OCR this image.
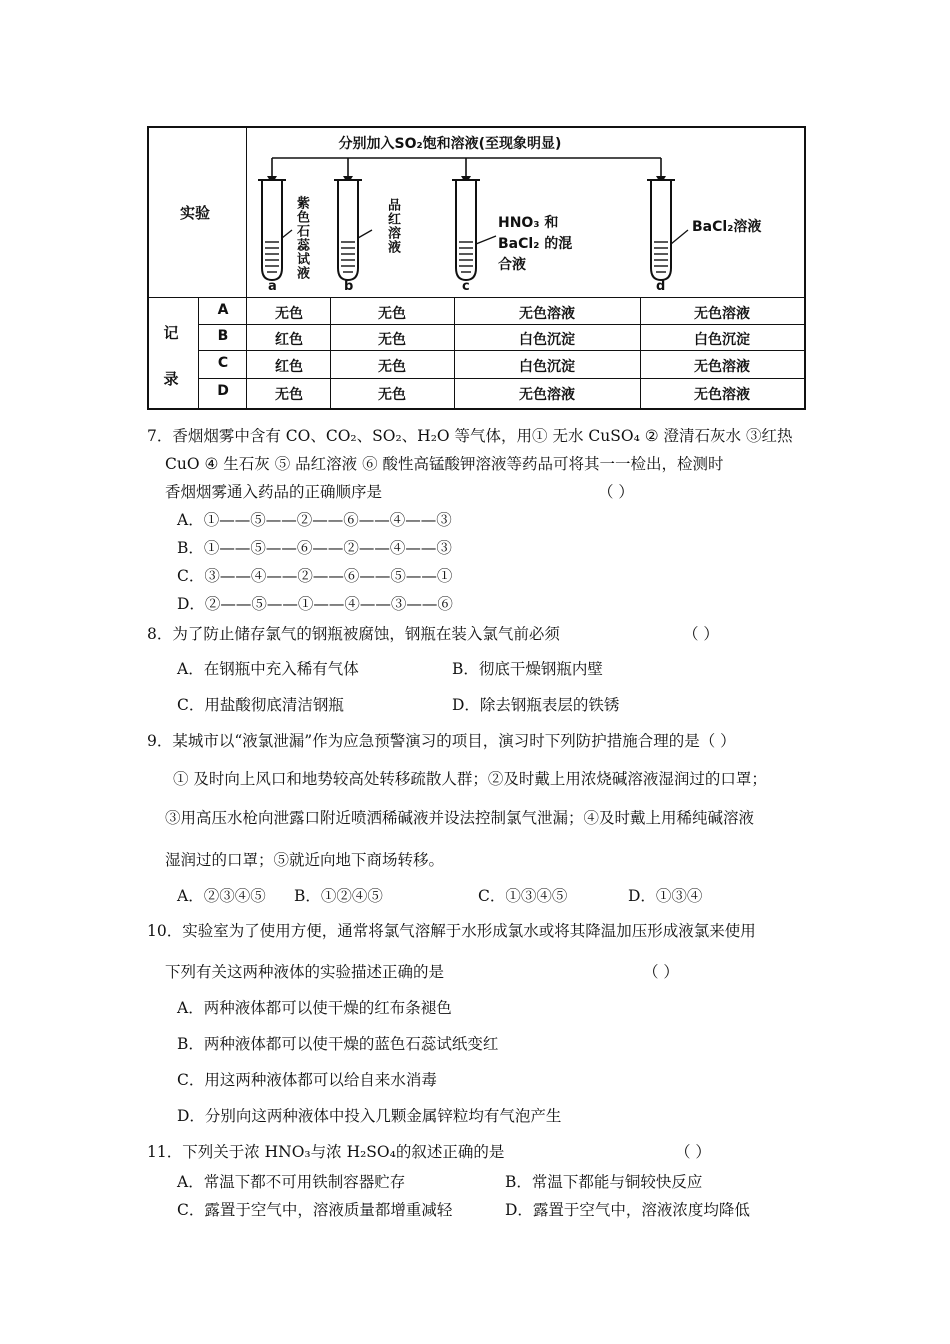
实验
记
录
分别加入SO₂饱和溶液(至现象明显)
紫色石蕊试液	品红溶液	HNO₃ 和
BaCl₂ 的混
合液
BaCl₂溶液
a	b	c	d
A	无色	无色	无色溶液	无色溶液
B	红色	无色	白色沉淀	白色沉淀
C	红色	无色	白色沉淀	无色溶液
D	无色	无色	无色溶液	无色溶液
7．香烟烟雾中含有 CO、CO₂、SO₂、H₂O 等气体，用① 无水 CuSO₄ ② 澄清石灰水 ③红热
CuO ④ 生石灰 ⑤ 品红溶液 ⑥ 酸性高锰酸钾溶液等药品可将其一一检出，检测时
香烟烟雾通入药品的正确顺序是	（ ）
A．①——⑤——②——⑥——④——③
B．①——⑤——⑥——②——④——③
C．③——④——②——⑥——⑤——①
D．②——⑤——①——④——③——⑥
8．为了防止储存氯气的钢瓶被腐蚀，钢瓶在装入氯气前必须	（ ）
A．在钢瓶中充入稀有气体	B．彻底干燥钢瓶内壁
C．用盐酸彻底清洁钢瓶	D．除去钢瓶表层的铁锈
9．某城市以“液氯泄漏”作为应急预警演习的项目，演习时下列防护措施合理的是（ ）
① 及时向上风口和地势较高处转移疏散人群；②及时戴上用浓烧碱溶液湿润过的口罩；
③用高压水枪向泄露口附近喷洒稀碱液并设法控制氯气泄漏；④及时戴上用稀纯碱溶液
湿润过的口罩；⑤就近向地下商场转移。
A．②③④⑤ B．①②④⑤	C．①③④⑤	D．①③④
10．实验室为了使用方便，通常将氯气溶解于水形成氯水或将其降温加压形成液氯来使用
下列有关这两种液体的实验描述正确的是	（ ）
A．两种液体都可以使干燥的红布条褪色
B．两种液体都可以使干燥的蓝色石蕊试纸变红
C．用这两种液体都可以给自来水消毒
D．分别向这两种液体中投入几颗金属锌粒均有气泡产生
11．下列关于浓 HNO₃与浓 H₂SO₄的叙述正确的是	（ ）
A．常温下都不可用铁制容器贮存	B．常温下都能与铜较快反应
C．露置于空气中，溶液质量都增重减轻	D．露置于空气中，溶液浓度均降低
